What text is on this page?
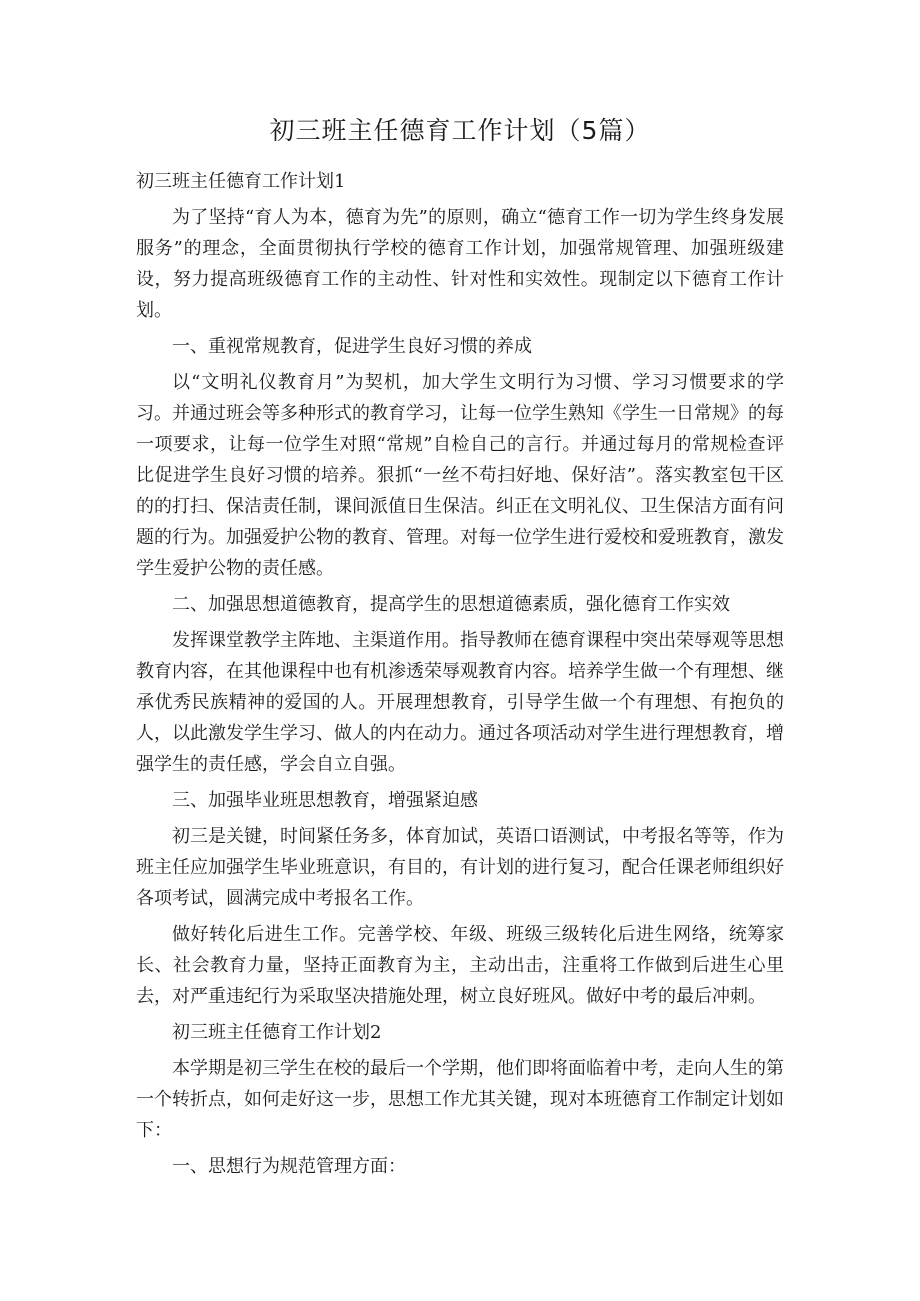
初三班主任德育工作计划（5篇）

初三班主任德育工作计划1

为了坚持“育人为本，德育为先”的原则，确立“德育工作一切为学生终身发展服务”的理念，全面贯彻执行学校的德育工作计划，加强常规管理、加强班级建设，努力提高班级德育工作的主动性、针对性和实效性。现制定以下德育工作计划。

一、重视常规教育，促进学生良好习惯的养成

以“文明礼仪教育月”为契机，加大学生文明行为习惯、学习习惯要求的学习。并通过班会等多种形式的教育学习，让每一位学生熟知《学生一日常规》的每一项要求，让每一位学生对照“常规”自检自己的言行。并通过每月的常规检查评比促进学生良好习惯的培养。狠抓“一丝不苟扫好地、保好洁”。落实教室包干区的的打扫、保洁责任制，课间派值日生保洁。纠正在文明礼仪、卫生保洁方面有问题的行为。加强爱护公物的教育、管理。对每一位学生进行爱校和爱班教育，激发学生爱护公物的责任感。

二、加强思想道德教育，提高学生的思想道德素质，强化德育工作实效

发挥课堂教学主阵地、主渠道作用。指导教师在德育课程中突出荣辱观等思想教育内容，在其他课程中也有机渗透荣辱观教育内容。培养学生做一个有理想、继承优秀民族精神的爱国的人。开展理想教育，引导学生做一个有理想、有抱负的人，以此激发学生学习、做人的内在动力。通过各项活动对学生进行理想教育，增强学生的责任感，学会自立自强。

三、加强毕业班思想教育，增强紧迫感

初三是关键，时间紧任务多，体育加试，英语口语测试，中考报名等等，作为班主任应加强学生毕业班意识，有目的，有计划的进行复习，配合任课老师组织好各项考试，圆满完成中考报名工作。

做好转化后进生工作。完善学校、年级、班级三级转化后进生网络，统筹家长、社会教育力量，坚持正面教育为主，主动出击，注重将工作做到后进生心里去，对严重违纪行为采取坚决措施处理，树立良好班风。做好中考的最后冲刺。

初三班主任德育工作计划2

本学期是初三学生在校的最后一个学期，他们即将面临着中考，走向人生的第一个转折点，如何走好这一步，思想工作尤其关键，现对本班德育工作制定计划如下：

一、思想行为规范管理方面：
